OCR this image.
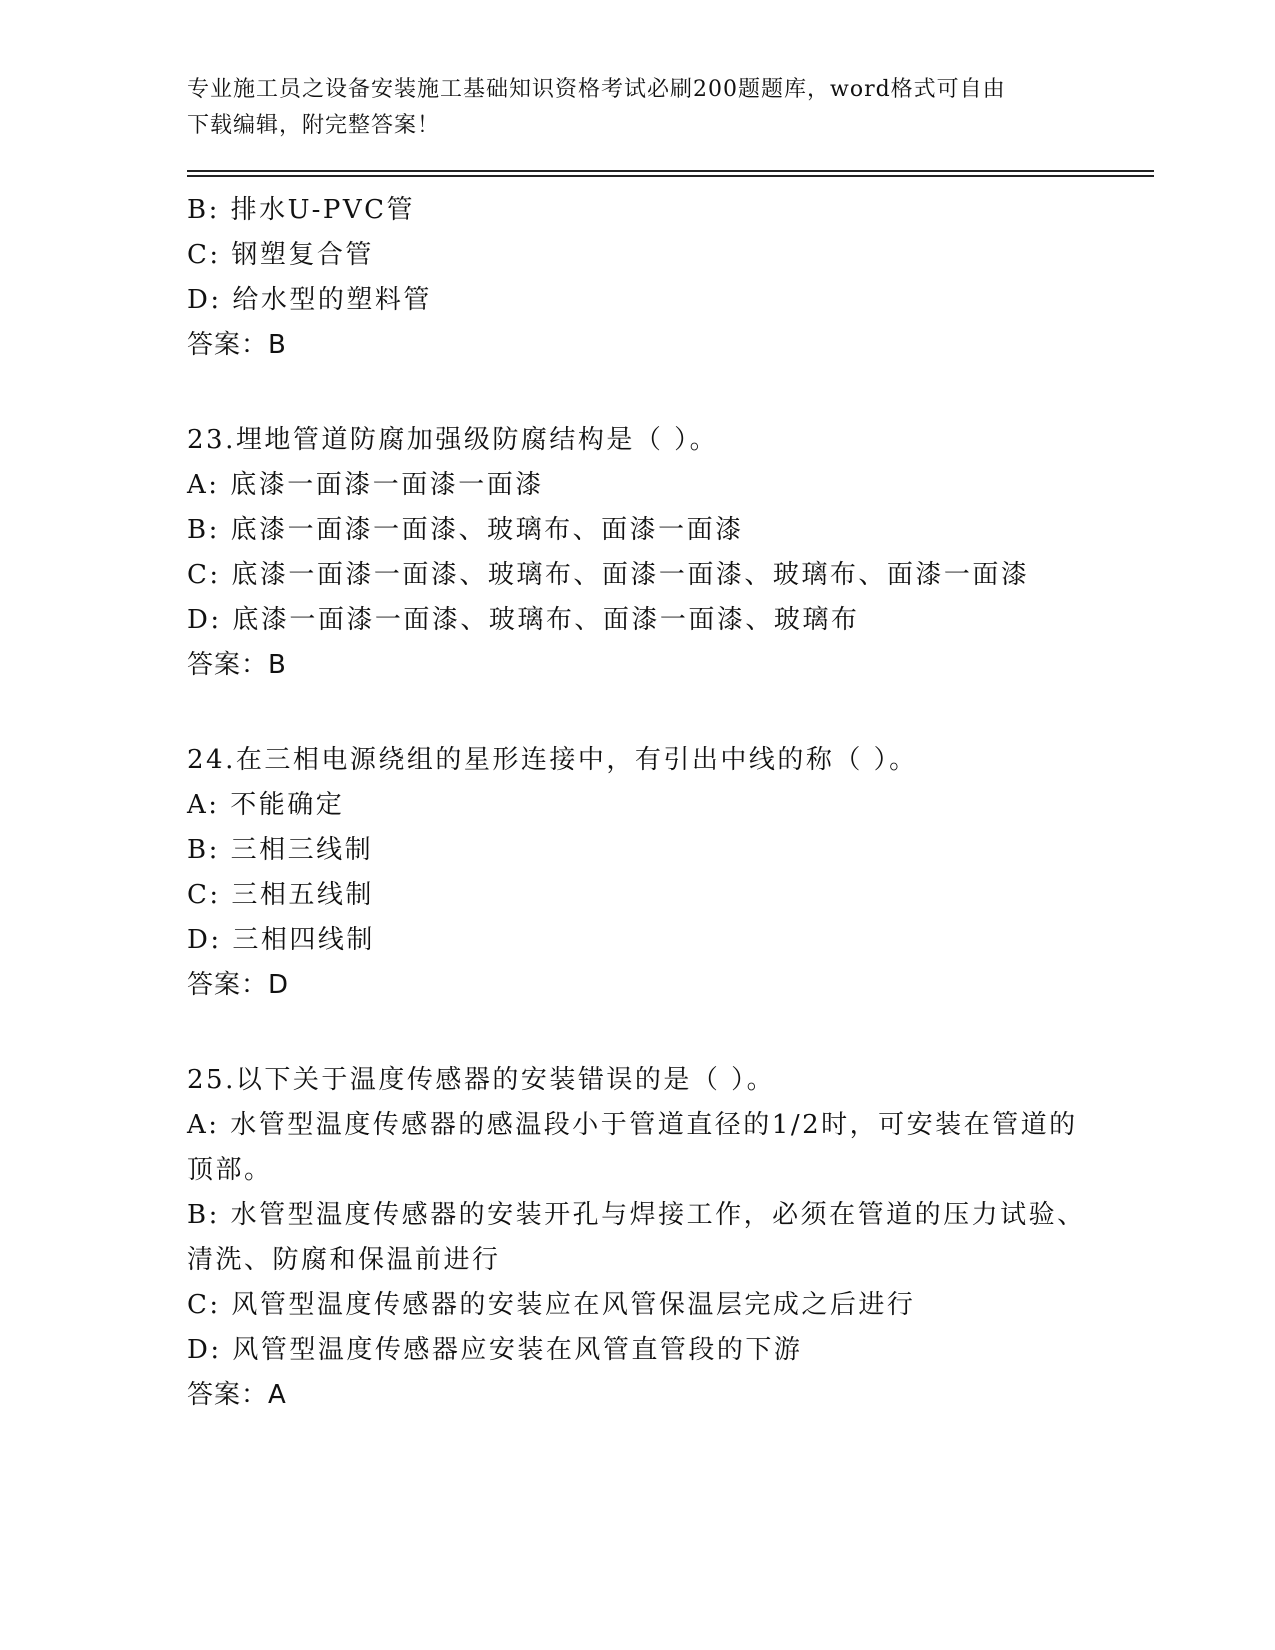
专业施工员之设备安装施工基础知识资格考试必刷200题题库，word格式可自由
下载编辑，附完整答案！
B: 排水U-PVC管
C: 钢塑复合管
D: 给水型的塑料管
答案：B
23.埋地管道防腐加强级防腐结构是（ ）。
A: 底漆一面漆一面漆一面漆
B: 底漆一面漆一面漆、玻璃布、面漆一面漆
C: 底漆一面漆一面漆、玻璃布、面漆一面漆、玻璃布、面漆一面漆
D: 底漆一面漆一面漆、玻璃布、面漆一面漆、玻璃布
答案：B
24.在三相电源绕组的星形连接中，有引出中线的称（ ）。
A: 不能确定
B: 三相三线制
C: 三相五线制
D: 三相四线制
答案：D
25.以下关于温度传感器的安装错误的是（ ）。
A: 水管型温度传感器的感温段小于管道直径的1/2时，可安装在管道的顶部。
B: 水管型温度传感器的安装开孔与焊接工作，必须在管道的压力试验、清洗、防腐和保温前进行
C: 风管型温度传感器的安装应在风管保温层完成之后进行
D: 风管型温度传感器应安装在风管直管段的下游
答案：A
